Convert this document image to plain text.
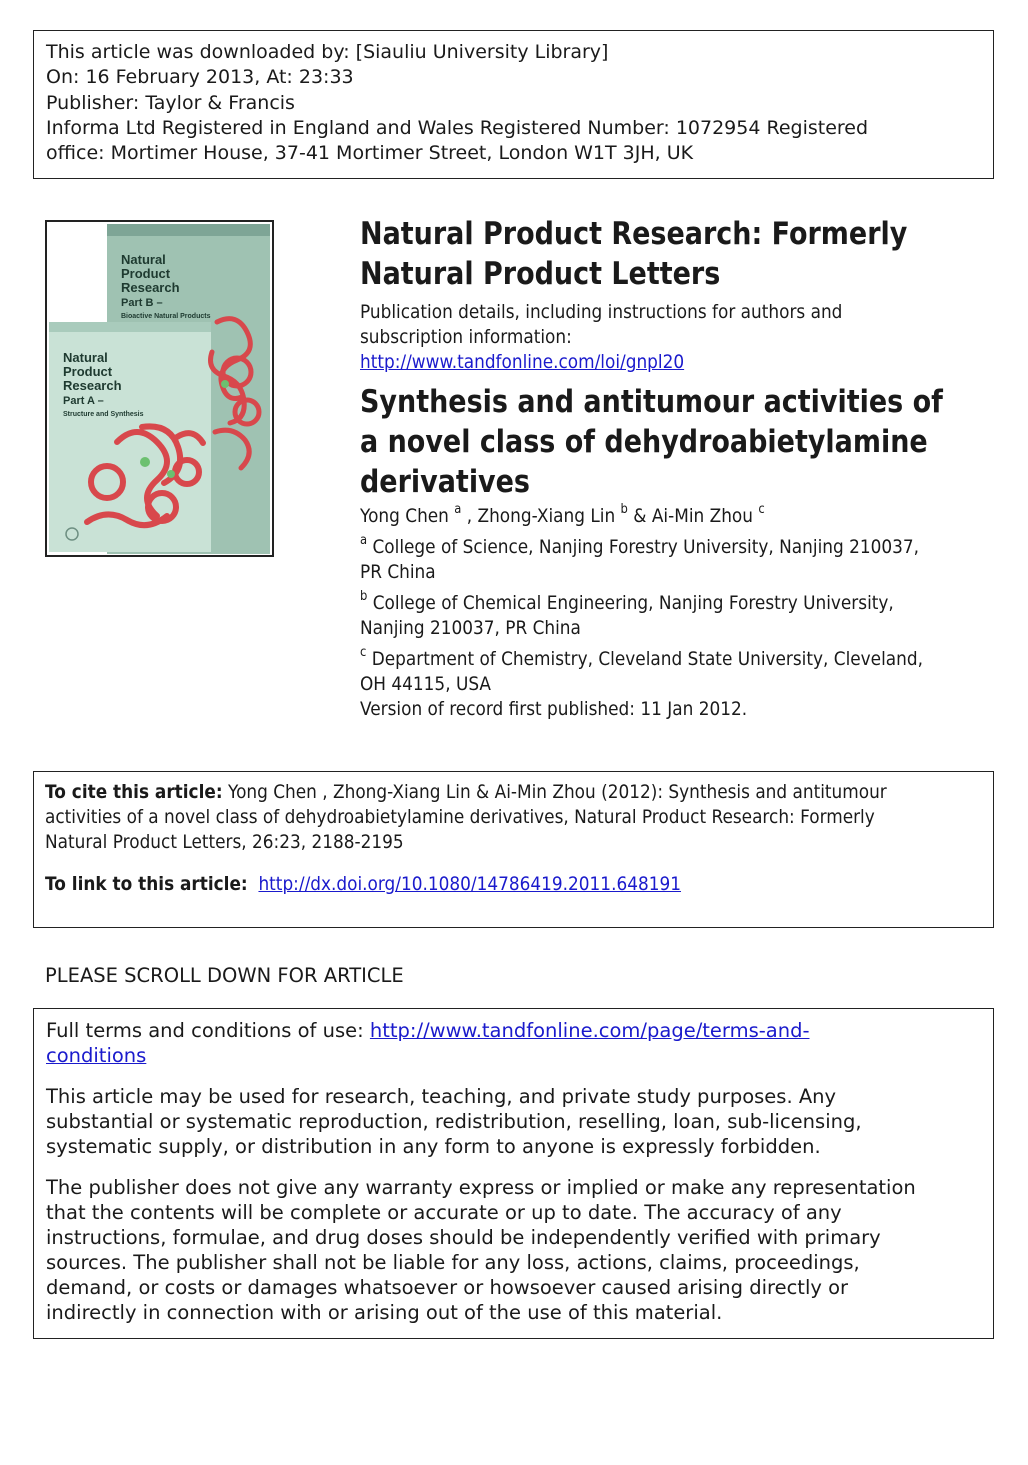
This article was downloaded by: [Siauliu University Library]
On: 16 February 2013, At: 23:33
Publisher: Taylor & Francis
Informa Ltd Registered in England and Wales Registered Number: 1072954 Registered
office: Mortimer House, 37-41 Mortimer Street, London W1T 3JH, UK
Natural
Product
Research
Part B –
Bioactive Natural Products
Natural
Product
Research
Part A –
Structure and Synthesis
Natural Product Research: Formerly
Natural Product Letters
Publication details, including instructions for authors and
subscription information:
http://www.tandfonline.com/loi/gnpl20
Synthesis and antitumour activities of
a novel class of dehydroabietylamine
derivatives
Yong Chen $^a$ , Zhong-Xiang Lin $^b$ & Ai-Min Zhou $^c$
$^a$ College of Science, Nanjing Forestry University, Nanjing 210037,
PR China
$^b$ College of Chemical Engineering, Nanjing Forestry University,
Nanjing 210037, PR China
$^c$ Department of Chemistry, Cleveland State University, Cleveland,
OH 44115, USA
Version of record first published: 11 Jan 2012.
To cite this article: Yong Chen , Zhong-Xiang Lin & Ai-Min Zhou (2012): Synthesis and antitumour
activities of a novel class of dehydroabietylamine derivatives, Natural Product Research: Formerly
Natural Product Letters, 26:23, 2188-2195
To link to this article: http://dx.doi.org/10.1080/14786419.2011.648191
PLEASE SCROLL DOWN FOR ARTICLE

Full terms and conditions of use: http://www.tandfonline.com/page/terms-and-
conditions

This article may be used for research, teaching, and private study purposes. Any
substantial or systematic reproduction, redistribution, reselling, loan, sub-licensing,
systematic supply, or distribution in any form to anyone is expressly forbidden.

The publisher does not give any warranty express or implied or make any representation
that the contents will be complete or accurate or up to date. The accuracy of any
instructions, formulae, and drug doses should be independently verified with primary
sources. The publisher shall not be liable for any loss, actions, claims, proceedings,
demand, or costs or damages whatsoever or howsoever caused arising directly or
indirectly in connection with or arising out of the use of this material.
